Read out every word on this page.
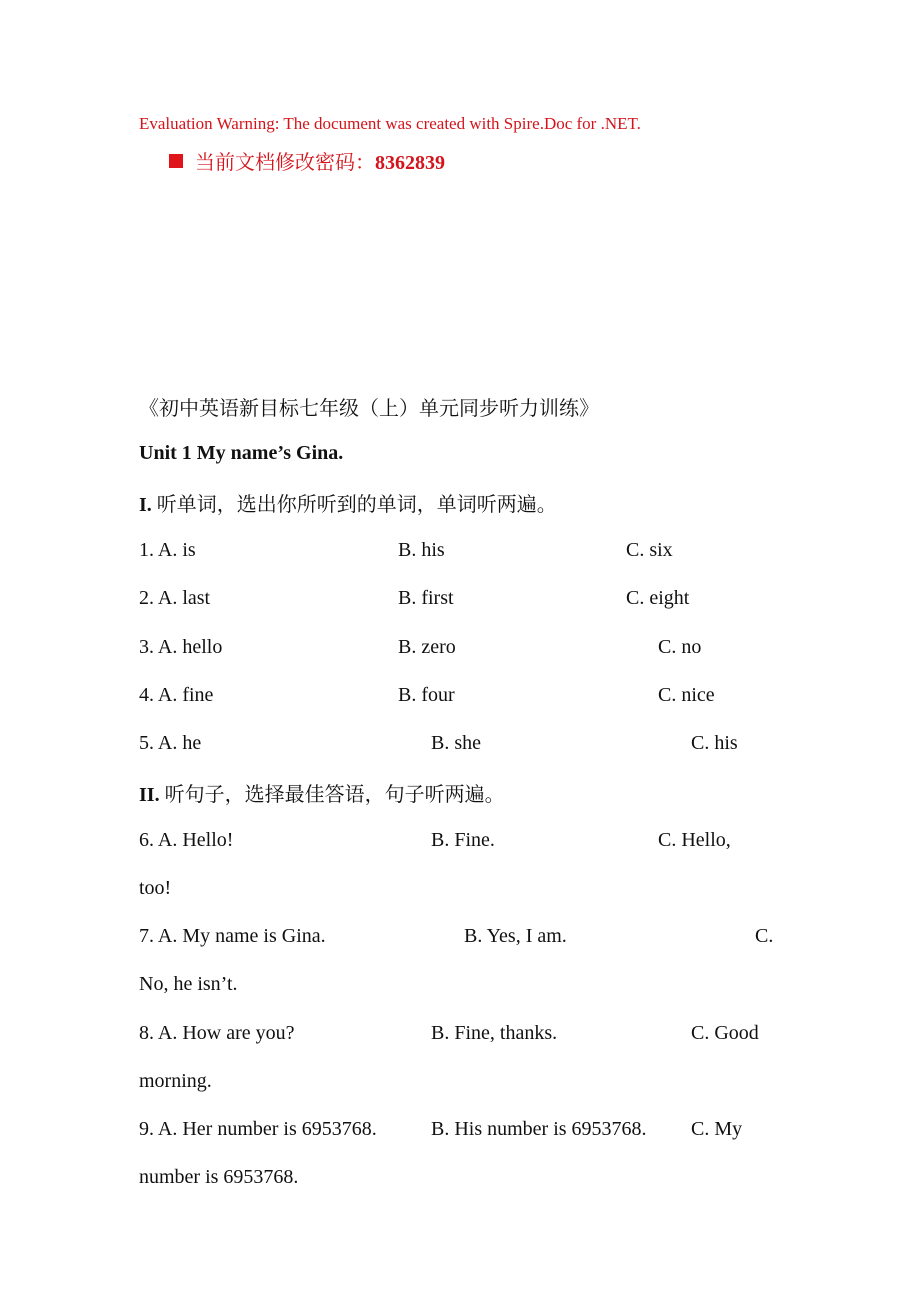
Evaluation Warning: The document was created with Spire.Doc for .NET.
当前文档修改密码：8362839
《初中英语新目标七年级（上）单元同步听力训练》
Unit 1 My name’s Gina.
I. 听单词，选出你所听到的单词，单词听两遍。
1. A. is	B. his	C. six
2. A. last	B. first	C. eight
3. A. hello	B. zero	C. no
4. A. fine	B. four	C. nice
5. A. he	B. she	C. his
II. 听句子，选择最佳答语，句子听两遍。
6. A. Hello!	B. Fine.	C. Hello,
too!
7. A. My name is Gina.	B. Yes, I am.	C.
No, he isn’t.
8. A. How are you?	B. Fine, thanks.	C. Good
morning.
9. A. Her number is 6953768.	B. His number is 6953768. C. My
number is 6953768.
